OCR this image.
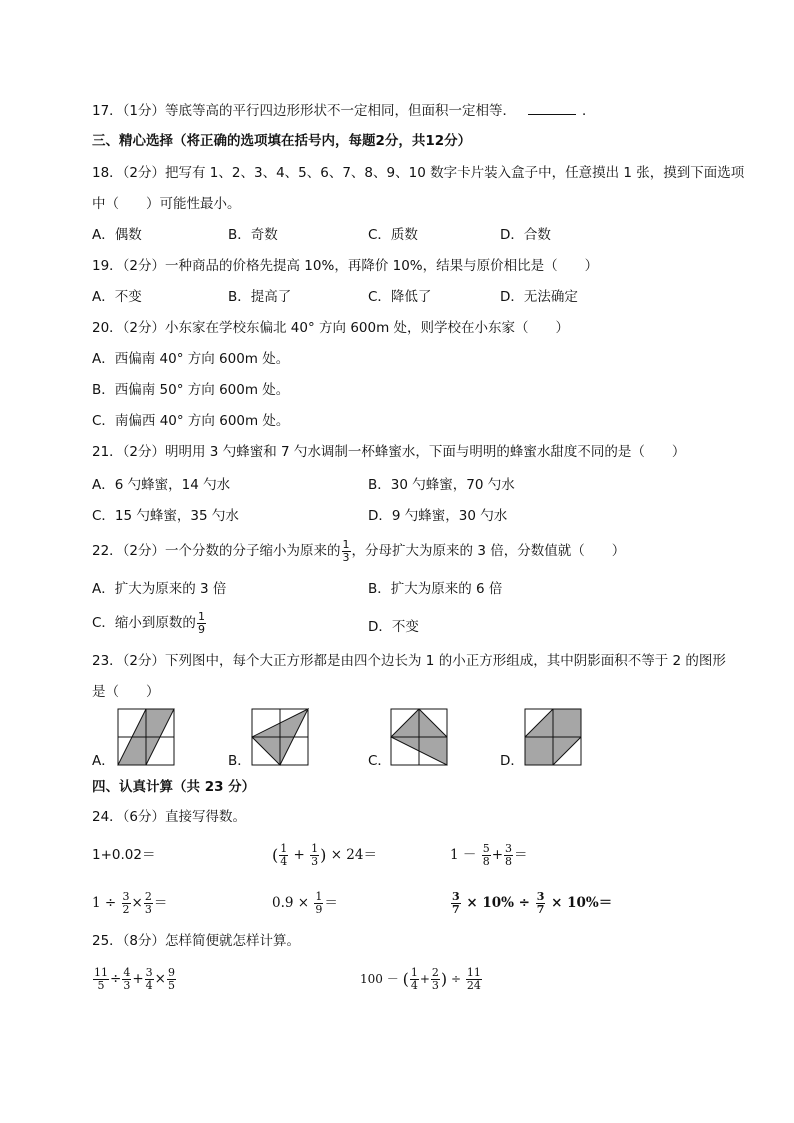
17．（1分）等底等高的平行四边形形状不一定相同，但面积一定相等．	．
三、精心选择（将正确的选项填在括号内，每题2分，共12分）
18．（2分）把写有 1、2、3、4、5、6、7、8、9、10 数字卡片装入盒子中，任意摸出 1 张，摸到下面选项
中（　　）可能性最小。
A．偶数	B．奇数	C．质数	D．合数
19．（2分）一种商品的价格先提高 10%，再降价 10%，结果与原价相比是（　　）
A．不变	B．提高了	C．降低了	D．无法确定
20．（2分）小东家在学校东偏北 40° 方向 600m 处，则学校在小东家（　　）
A．西偏南 40° 方向 600m 处。
B．西偏南 50° 方向 600m 处。
C．南偏西 40° 方向 600m 处。
21．（2分）明明用 3 勺蜂蜜和 7 勺水调制一杯蜂蜜水，下面与明明的蜂蜜水甜度不同的是（　　）
A．6 勺蜂蜜，14 勺水	B．30 勺蜂蜜，70 勺水
C．15 勺蜂蜜，35 勺水	D．9 勺蜂蜜，30 勺水
22．（2分）一个分数的分子缩小为原来的 $\frac{1}{3}$ ，分母扩大为原来的 3 倍，分数值就（　　）
A．扩大为原来的 3 倍	B．扩大为原来的 6 倍
C．缩小到原数的 $\frac{1}{9}$	D．不变
23．（2分）下列图中，每个大正方形都是由四个边长为 1 的小正方形组成，其中阴影面积不等于 2 的图形
是（　　）
A．	B．	C．	D．
四、认真计算（共 23 分）
24．（6分）直接写得数。
1+0.02＝	( $\frac{1}{4} + \frac{1}{3}$ ) × 24＝	$1 - \frac{5}{8} + \frac{3}{8}$ ＝
$1 \div \frac{3}{2} \times \frac{2}{3}$ ＝	$0.9 \times \frac{1}{9}$ ＝	$\frac{3}{7} \times 10\% \div \frac{3}{7} \times 10\%=$
25．（8分）怎样简便就怎样计算。
$\frac{11}{5} \div \frac{4}{3} + \frac{3}{4} \times \frac{9}{5}$	100 － ( $\frac{1}{4} + \frac{2}{3}$ ) ÷ $\frac{11}{24}$
